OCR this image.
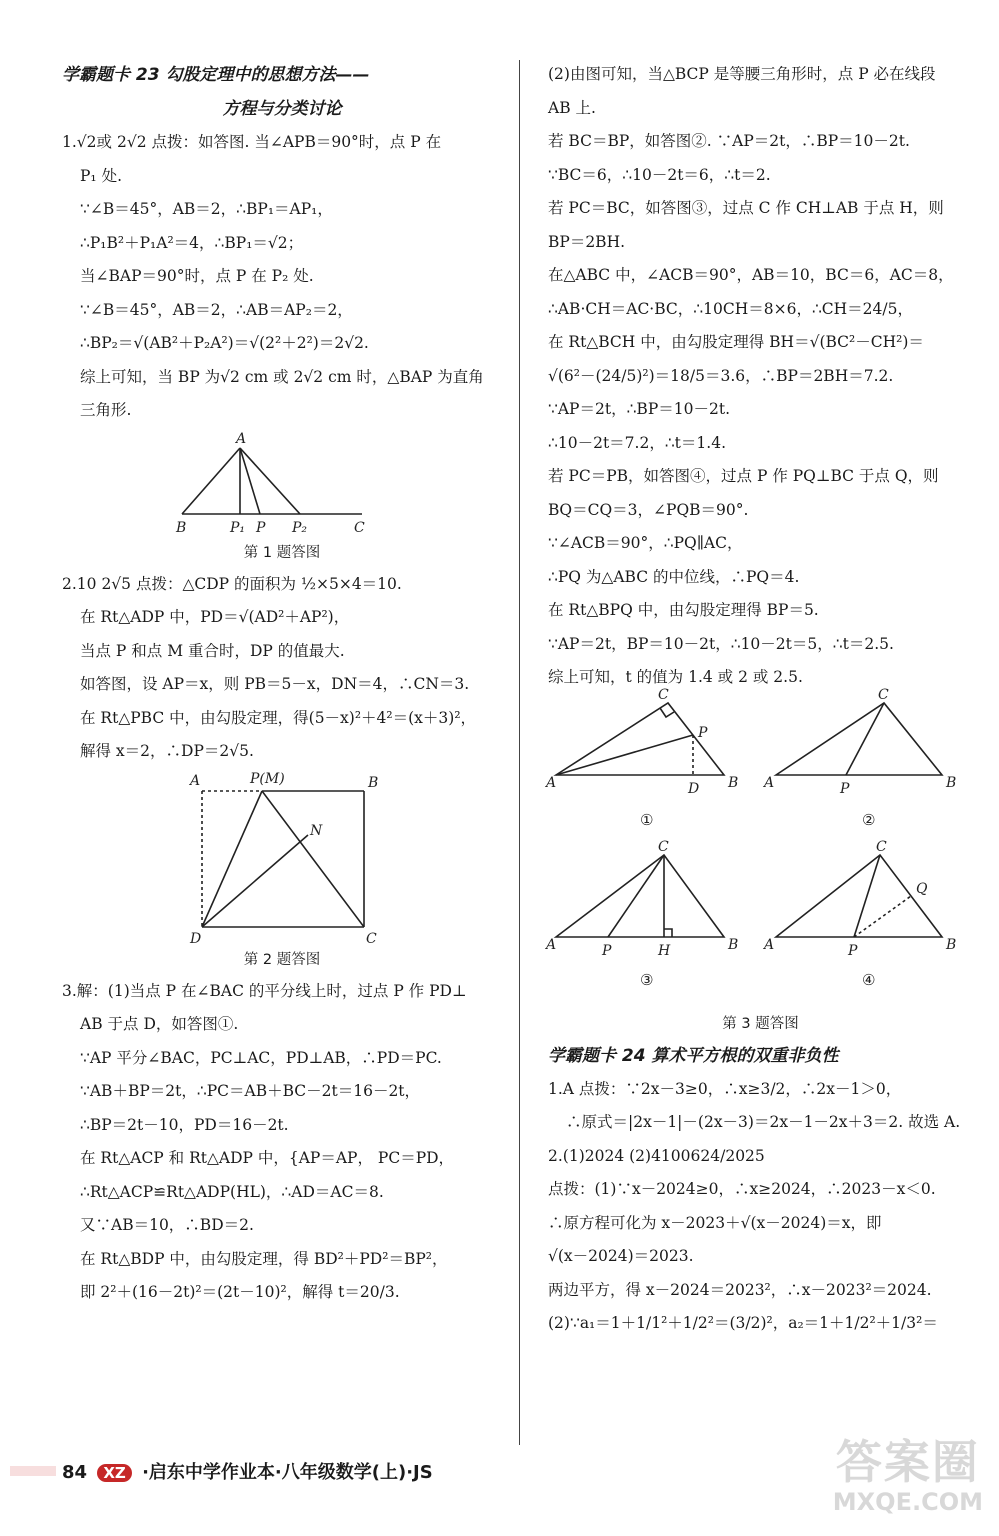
学霸题卡 23 勾股定理中的思想方法——
方程与分类讨论
1.√2或 2√2 点拨：如答图. 当∠APB＝90°时，点 P 在
P₁ 处.
∵∠B＝45°，AB＝2，∴BP₁＝AP₁，
∴P₁B²＋P₁A²＝4，∴BP₁＝√2；
当∠BAP＝90°时，点 P 在 P₂ 处.
∵∠B＝45°，AB＝2，∴AB＝AP₂＝2，
∴BP₂＝√(AB²＋P₂A²)＝√(2²＋2²)＝2√2.
综上可知，当 BP 为√2 cm 或 2√2 cm 时，△BAP 为直角
三角形.
A
B	P₁ P P₂	C
第 1 题答图
2.10 2√5 点拨：△CDP 的面积为 ½×5×4＝10.
在 Rt△ADP 中，PD＝√(AD²＋AP²)，
当点 P 和点 M 重合时，DP 的值最大.
如答图，设 AP＝x，则 PB＝5－x，DN＝4，∴CN＝3.
在 Rt△PBC 中，由勾股定理，得(5－x)²＋4²＝(x＋3)²，
解得 x＝2，∴DP＝2√5.
A	P(M)	B
N
D	C
第 2 题答图
3.解：(1)当点 P 在∠BAC 的平分线上时，过点 P 作 PD⊥
AB 于点 D，如答图①.
∵AP 平分∠BAC，PC⊥AC，PD⊥AB，∴PD＝PC.
∵AB＋BP＝2t，∴PC＝AB＋BC－2t＝16－2t，
∴BP＝2t－10，PD＝16－2t.
在 Rt△ACP 和 Rt△ADP 中，{AP＝AP， PC＝PD，
∴Rt△ACP≌Rt△ADP(HL)，∴AD＝AC＝8.
又∵AB＝10，∴BD＝2.
在 Rt△BDP 中，由勾股定理，得 BD²＋PD²＝BP²，
即 2²＋(16－2t)²＝(2t－10)²，解得 t＝20/3.
(2)由图可知，当△BCP 是等腰三角形时，点 P 必在线段
AB 上.
若 BC＝BP，如答图②. ∵AP＝2t，∴BP＝10－2t.
∵BC＝6，∴10－2t＝6，∴t＝2.
若 PC＝BC，如答图③，过点 C 作 CH⊥AB 于点 H，则
BP＝2BH.
在△ABC 中，∠ACB＝90°，AB＝10，BC＝6，AC＝8，
∴AB·CH＝AC·BC，∴10CH＝8×6，∴CH＝24/5，
在 Rt△BCH 中，由勾股定理得 BH＝√(BC²－CH²)＝
√(6²－(24/5)²)＝18/5＝3.6，∴BP＝2BH＝7.2.
∵AP＝2t，∴BP＝10－2t.
∴10－2t＝7.2，∴t＝1.4.
若 PC＝PB，如答图④，过点 P 作 PQ⊥BC 于点 Q，则
BQ＝CQ＝3，∠PQB＝90°.
∵∠ACB＝90°，∴PQ∥AC，
∴PQ 为△ABC 的中位线，∴PQ＝4.
在 Rt△BPQ 中，由勾股定理得 BP＝5.
∵AP＝2t，BP＝10－2t，∴10－2t＝5，∴t＝2.5.
综上可知，t 的值为 1.4 或 2 或 2.5.
C
P
A	D B
C
A	P	B
C
A	P	H	B
C
Q
A	P	B
①	②
③	④
第 3 题答图
学霸题卡 24 算术平方根的双重非负性
1.A 点拨：∵2x－3≥0，∴x≥3/2，∴2x－1＞0，
∴原式＝|2x－1|－(2x－3)＝2x－1－2x＋3＝2. 故选 A.
2.(1)2024 (2)4100624/2025
点拨：(1)∵x－2024≥0，∴x≥2024，∴2023－x＜0.
∴原方程可化为 x－2023＋√(x－2024)＝x，即
√(x－2024)＝2023.
两边平方，得 x－2024＝2023²，∴x－2023²＝2024.
(2)∵a₁＝1＋1/1²＋1/2²＝(3/2)²，a₂＝1＋1/2²＋1/3²＝
84 XZ ·启东中学作业本·八年级数学(上)·JS	答案圈
MXQE.COM
